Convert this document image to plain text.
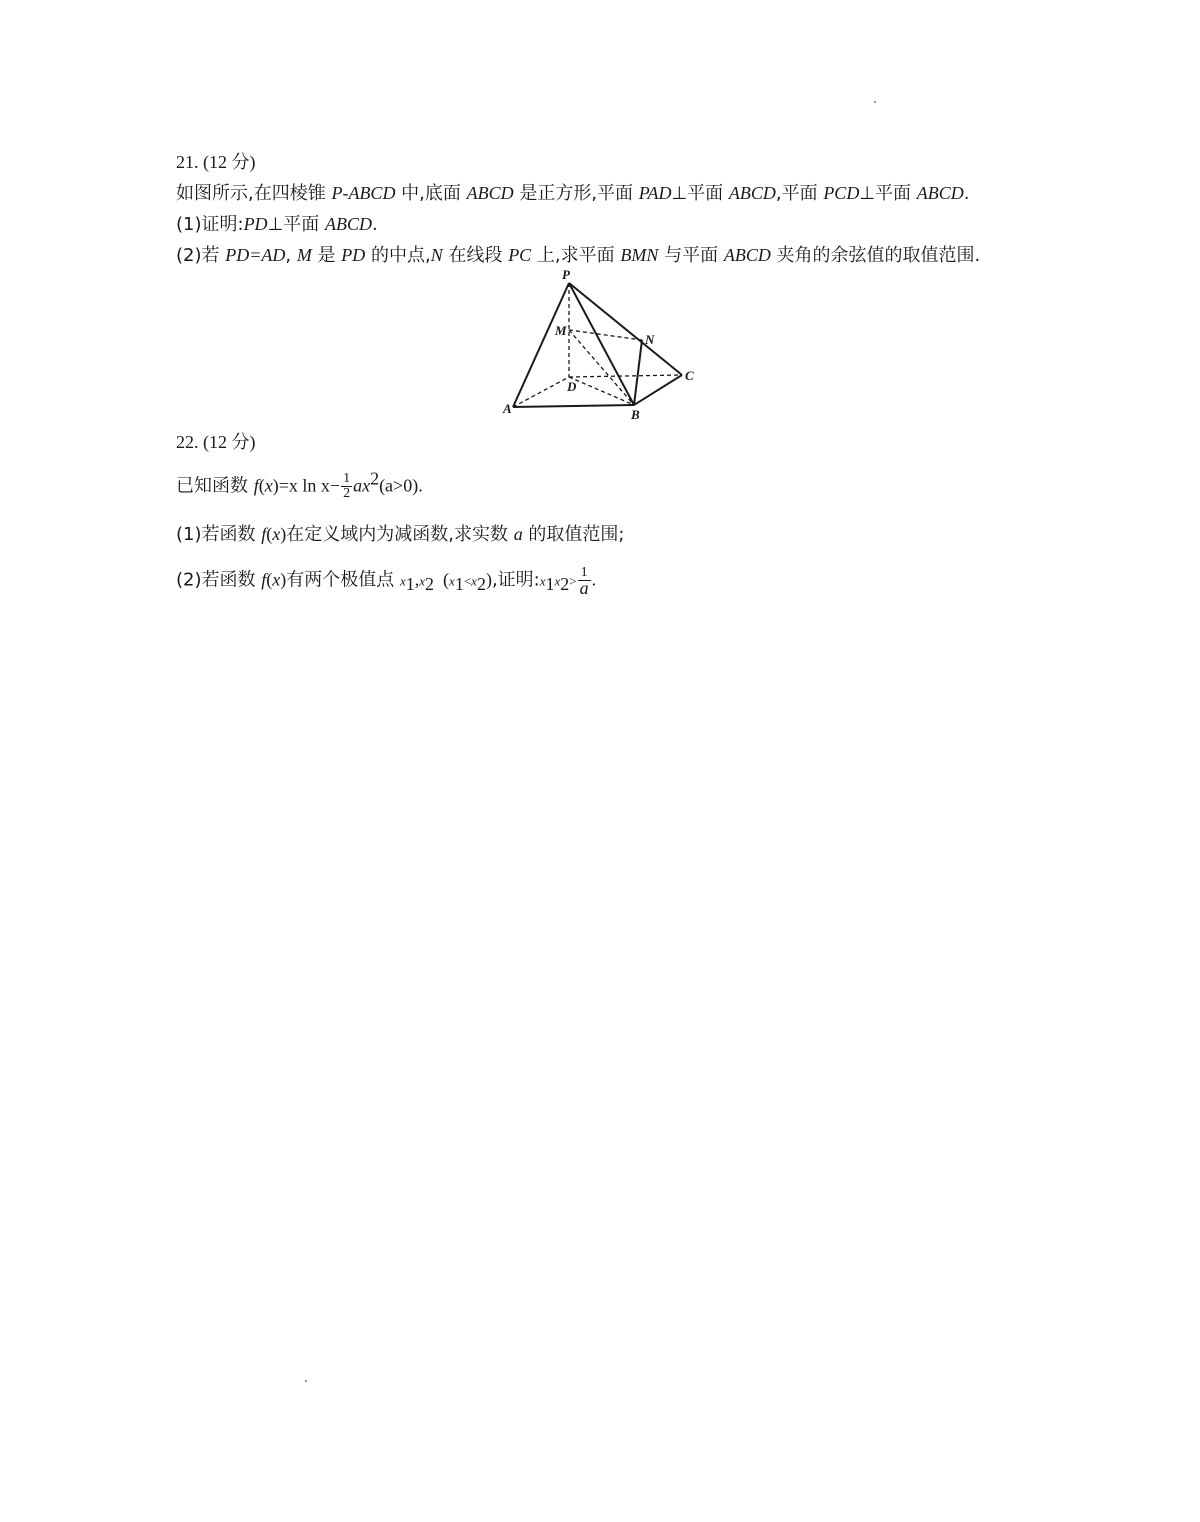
21. (12 分)
如图所示,在四棱锥 P-ABCD 中,底面 ABCD 是正方形,平面 PAD⊥平面 ABCD,平面 PCD⊥平面 ABCD.
(1)证明:PD⊥平面 ABCD.
(2)若 PD=AD, M 是 PD 的中点,N 在线段 PC 上,求平面 BMN 与平面 ABCD 夹角的余弦值的取值范围.
P
M
N
C
D
A	B
22. (12 分)
已知函数 f(x)=x $\ln x- \frac{1}{2} ax^2(a>0)$.
(1)若函数 f(x)在定义域内为减函数,求实数 a 的取值范围;
(2)若函数 f(x)有两个极值点 $x_1,x_2$  $(x_1<x_2)$,证明$:x_1x_2> \frac{1}{a}$ .
